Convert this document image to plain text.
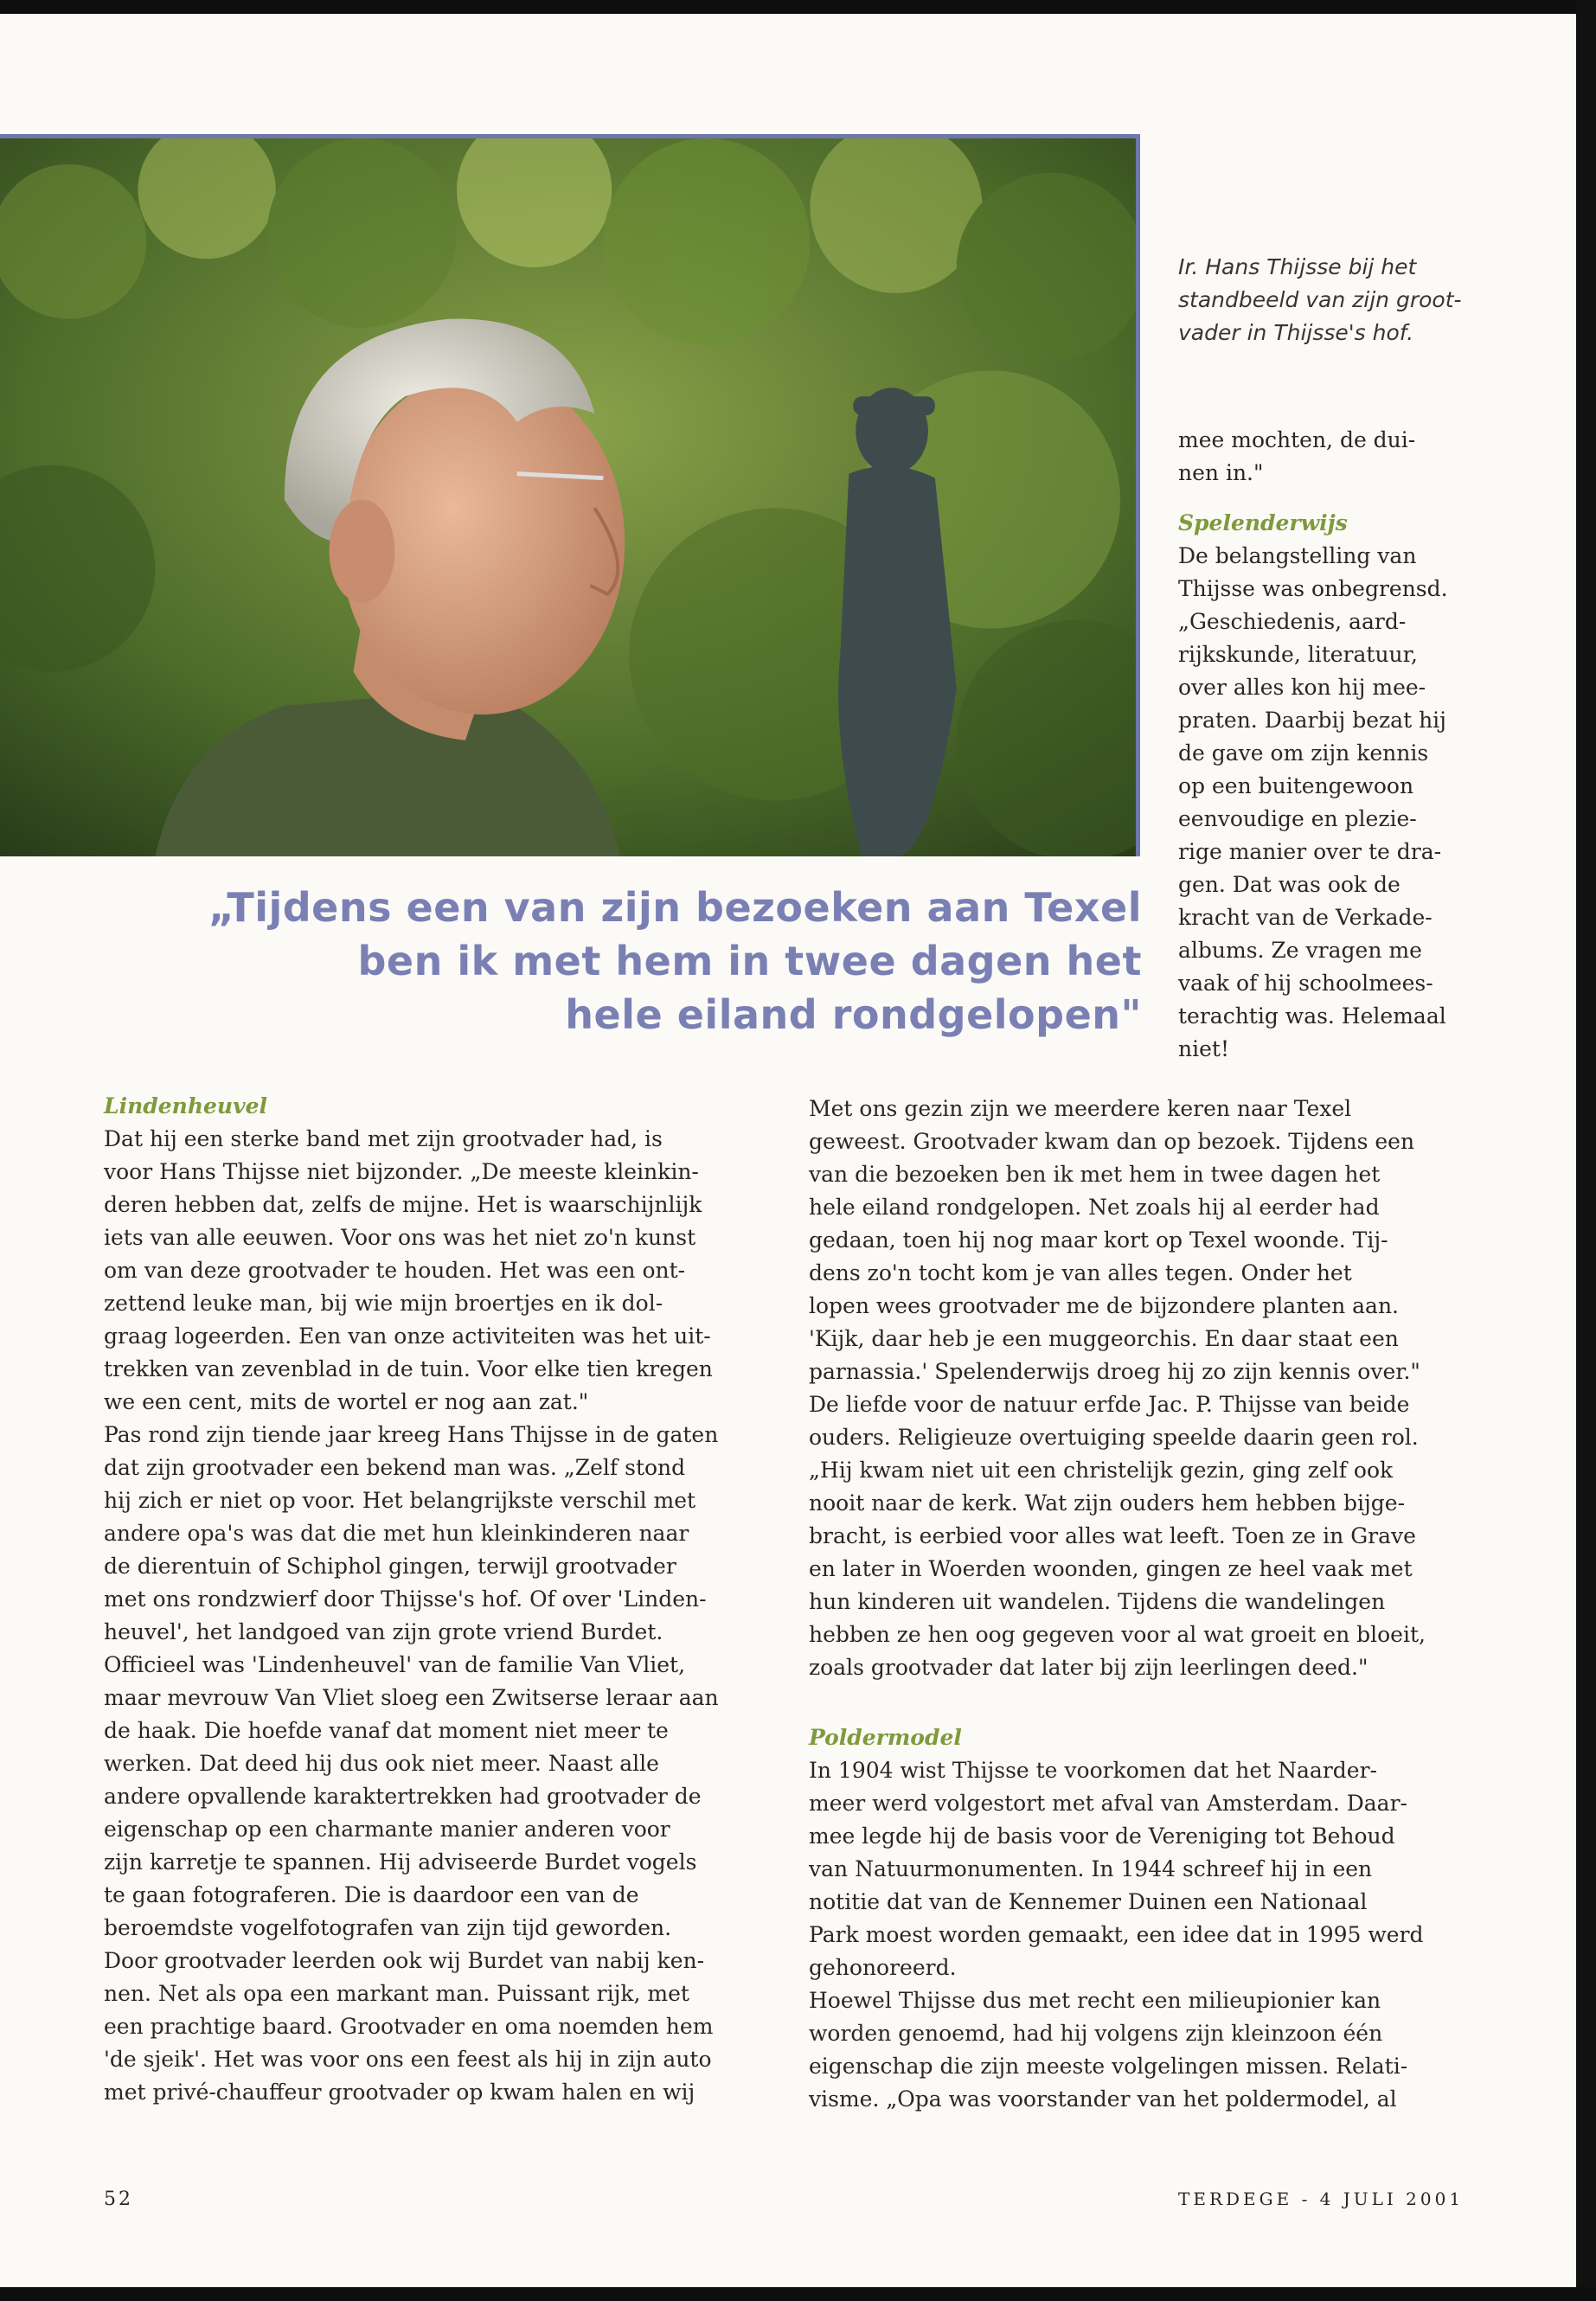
Ir. Hans Thijsse bij het
standbeeld van zijn groot-
vader in Thijsse's hof.
„Tijdens een van zijn bezoeken aan Texel
ben ik met hem in twee dagen het
hele eiland rondgelopen"
mee mochten, de dui-
nen in."
Spelenderwijs
De belangstelling van
Thijsse was onbegrensd.
„Geschiedenis, aard-
rijkskunde, literatuur,
over alles kon hij mee-
praten. Daarbij bezat hij
de gave om zijn kennis
op een buitengewoon
eenvoudige en plezie-
rige manier over te dra-
gen. Dat was ook de
kracht van de Verkade-
albums. Ze vragen me
vaak of hij schoolmees-
terachtig was. Helemaal
niet!
Lindenheuvel
Dat hij een sterke band met zijn grootvader had, is
voor Hans Thijsse niet bijzonder. „De meeste kleinkin-
deren hebben dat, zelfs de mijne. Het is waarschijnlijk
iets van alle eeuwen. Voor ons was het niet zo'n kunst
om van deze grootvader te houden. Het was een ont-
zettend leuke man, bij wie mijn broertjes en ik dol-
graag logeerden. Een van onze activiteiten was het uit-
trekken van zevenblad in de tuin. Voor elke tien kregen
we een cent, mits de wortel er nog aan zat."
Pas rond zijn tiende jaar kreeg Hans Thijsse in de gaten
dat zijn grootvader een bekend man was. „Zelf stond
hij zich er niet op voor. Het belangrijkste verschil met
andere opa's was dat die met hun kleinkinderen naar
de dierentuin of Schiphol gingen, terwijl grootvader
met ons rondzwierf door Thijsse's hof. Of over 'Linden-
heuvel', het landgoed van zijn grote vriend Burdet.
Officieel was 'Lindenheuvel' van de familie Van Vliet,
maar mevrouw Van Vliet sloeg een Zwitserse leraar aan
de haak. Die hoefde vanaf dat moment niet meer te
werken. Dat deed hij dus ook niet meer. Naast alle
andere opvallende karaktertrekken had grootvader de
eigenschap op een charmante manier anderen voor
zijn karretje te spannen. Hij adviseerde Burdet vogels
te gaan fotograferen. Die is daardoor een van de
beroemdste vogelfotografen van zijn tijd geworden.
Door grootvader leerden ook wij Burdet van nabij ken-
nen. Net als opa een markant man. Puissant rijk, met
een prachtige baard. Grootvader en oma noemden hem
'de sjeik'. Het was voor ons een feest als hij in zijn auto
met privé-chauffeur grootvader op kwam halen en wij
Met ons gezin zijn we meerdere keren naar Texel
geweest. Grootvader kwam dan op bezoek. Tijdens een
van die bezoeken ben ik met hem in twee dagen het
hele eiland rondgelopen. Net zoals hij al eerder had
gedaan, toen hij nog maar kort op Texel woonde. Tij-
dens zo'n tocht kom je van alles tegen. Onder het
lopen wees grootvader me de bijzondere planten aan.
'Kijk, daar heb je een muggeorchis. En daar staat een
parnassia.' Spelenderwijs droeg hij zo zijn kennis over."
De liefde voor de natuur erfde Jac. P. Thijsse van beide
ouders. Religieuze overtuiging speelde daarin geen rol.
„Hij kwam niet uit een christelijk gezin, ging zelf ook
nooit naar de kerk. Wat zijn ouders hem hebben bijge-
bracht, is eerbied voor alles wat leeft. Toen ze in Grave
en later in Woerden woonden, gingen ze heel vaak met
hun kinderen uit wandelen. Tijdens die wandelingen
hebben ze hen oog gegeven voor al wat groeit en bloeit,
zoals grootvader dat later bij zijn leerlingen deed."
Poldermodel
In 1904 wist Thijsse te voorkomen dat het Naarder-
meer werd volgestort met afval van Amsterdam. Daar-
mee legde hij de basis voor de Vereniging tot Behoud
van Natuurmonumenten. In 1944 schreef hij in een
notitie dat van de Kennemer Duinen een Nationaal
Park moest worden gemaakt, een idee dat in 1995 werd
gehonoreerd.
Hoewel Thijsse dus met recht een milieupionier kan
worden genoemd, had hij volgens zijn kleinzoon één
eigenschap die zijn meeste volgelingen missen. Relati-
visme. „Opa was voorstander van het poldermodel, al
52	TERDEGE - 4 JULI 2001
